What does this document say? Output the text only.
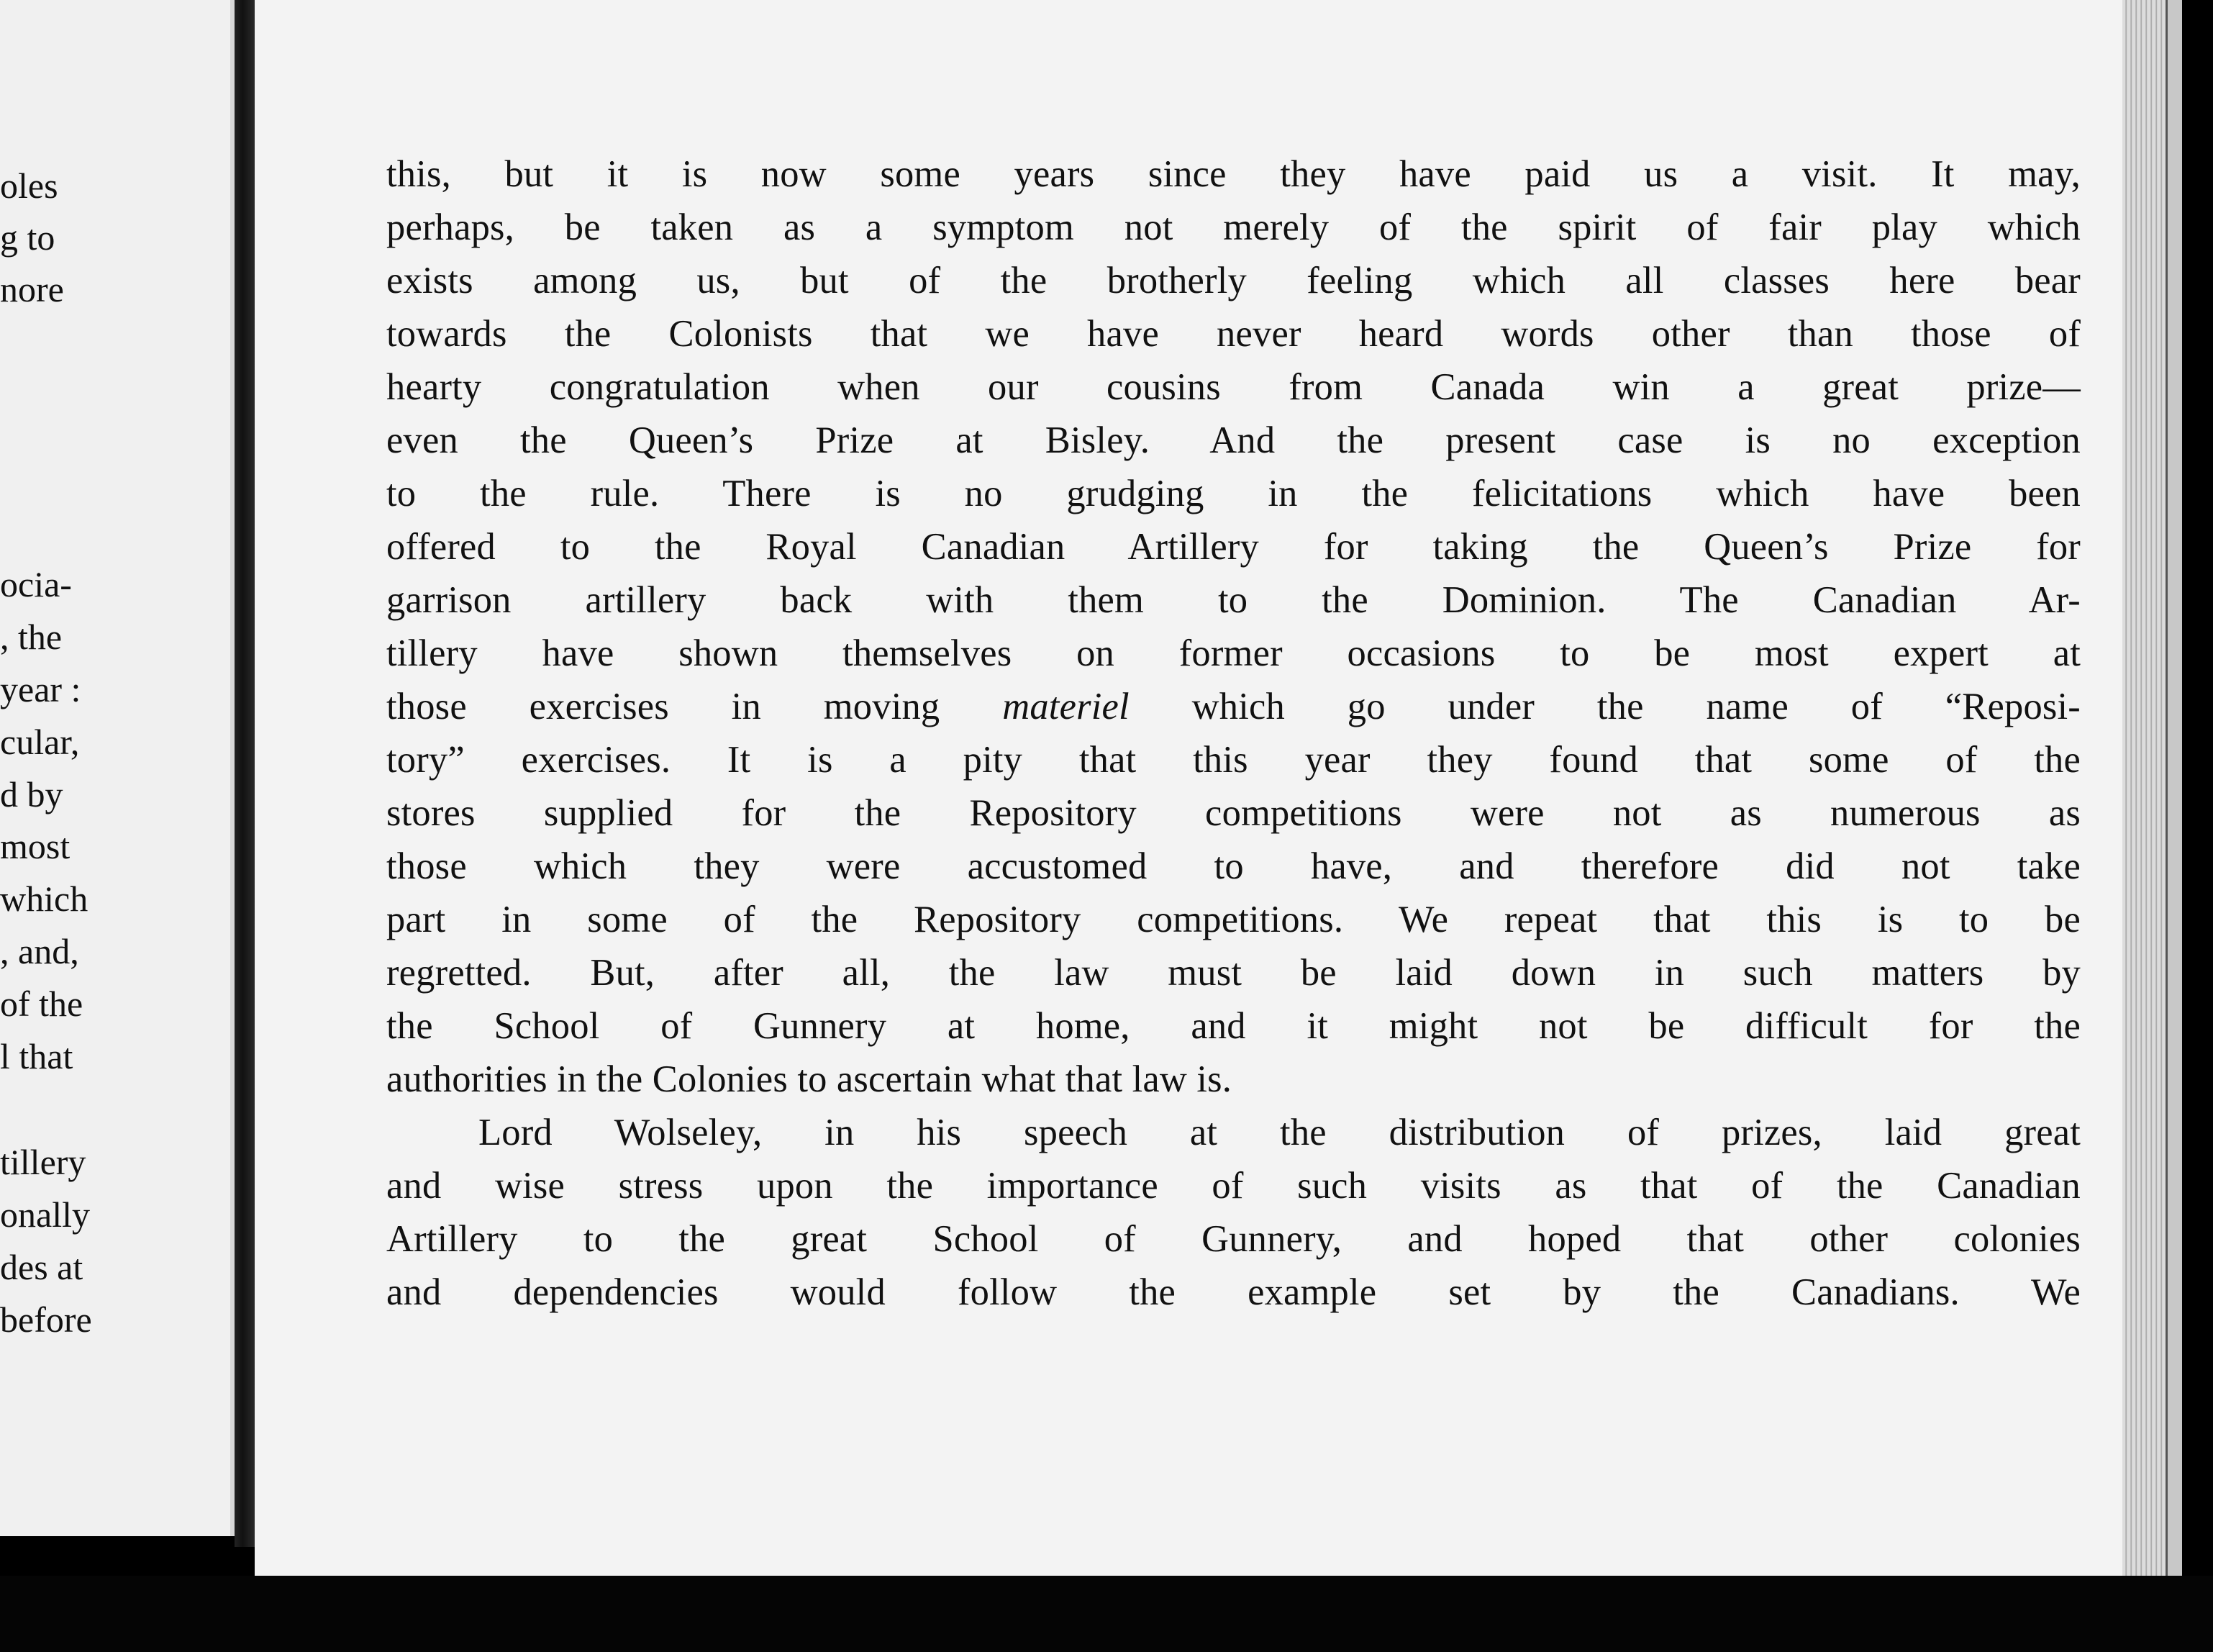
oles

g to

nore

ocia-

, the

year :

cular,

d by

most

which

, and,

of the

l that

tillery

onally

des at

before

this, but it is now some years since they have paid us a visit. It may,

perhaps, be taken as a symptom not merely of the spirit of fair play which

exists among us, but of the brotherly feeling which all classes here bear

towards the Colonists that we have never heard words other than those of

hearty congratulation when our cousins from Canada win a great prize—

even the Queen’s Prize at Bisley. And the present case is no exception

to the rule. There is no grudging in the felicitations which have been

offered to the Royal Canadian Artillery for taking the Queen’s Prize for

garrison artillery back with them to the Dominion. The Canadian Ar-

tillery have shown themselves on former occasions to be most expert at

those exercises in moving materiel which go under the name of “Reposi-

tory” exercises. It is a pity that this year they found that some of the

stores supplied for the Repository competitions were not as numerous as

those which they were accustomed to have, and therefore did not take

part in some of the Repository competitions. We repeat that this is to be

regretted. But, after all, the law must be laid down in such matters by

the School of Gunnery at home, and it might not be difficult for the

authorities in the Colonies to ascertain what that law is.

Lord Wolseley, in his speech at the distribution of prizes, laid great

and wise stress upon the importance of such visits as that of the Canadian

Artillery to the great School of Gunnery, and hoped that other colonies

and dependencies would follow the example set by the Canadians. We
